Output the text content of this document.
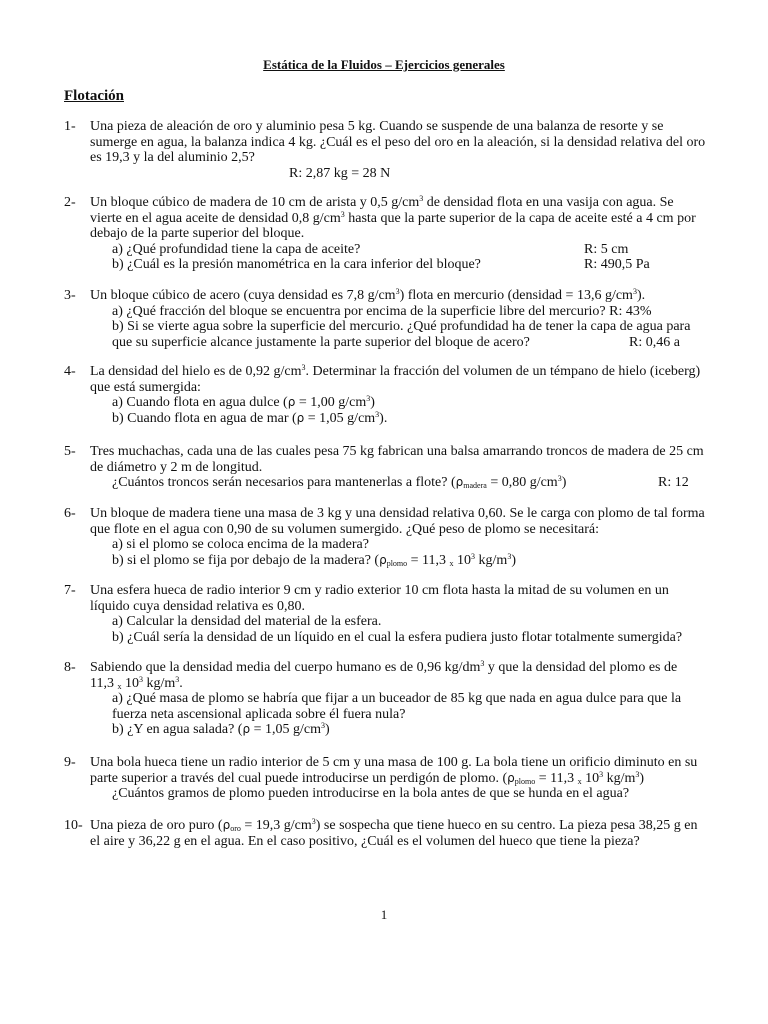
Estática de la Fluidos – Ejercicios generales
Flotación
1-	Una pieza de aleación de oro y aluminio pesa 5 kg. Cuando se suspende de una balanza de resorte y se
sumerge en agua, la balanza indica 4 kg. ¿Cuál es el peso del oro en la aleación, si la densidad relativa del oro
es 19,3 y la del aluminio 2,5?
R: 2,87 kg = 28 N
2-	Un bloque cúbico de madera de 10 cm de arista y 0,5 $g/cm^3$ de densidad flota en una vasija con agua. Se
vierte en el agua aceite de densidad 0,8 $g/cm^3$ hasta que la parte superior de la capa de aceite esté a 4 cm por
debajo de la parte superior del bloque.
a) ¿Qué profundidad tiene la capa de aceite?	R: 5 cm
b) ¿Cuál es la presión manométrica en la cara inferior del bloque?	R: 490,5 Pa
3-	Un bloque cúbico de acero (cuya densidad es 7,8 $g/cm^3$) flota en mercurio (densidad = 13,6 $g/cm^3$).
a) ¿Qué fracción del bloque se encuentra por encima de la superficie libre del mercurio? R: 43%
b) Si se vierte agua sobre la superficie del mercurio. ¿Qué profundidad ha de tener la capa de agua para
que su superficie alcance justamente la parte superior del bloque de acero?	R: 0,46 a
4-	La densidad del hielo es de 0,92 $g/cm^3$. Determinar la fracción del volumen de un témpano de hielo (iceberg)
que está sumergida:
a) Cuando flota en agua dulce (ρ = 1,00 $g/cm^3$)
b) Cuando flota en agua de mar (ρ = 1,05 $g/cm^3$).
5-	Tres muchachas, cada una de las cuales pesa 75 kg fabrican una balsa amarrando troncos de madera de 25 cm
de diámetro y 2 m de longitud.
¿Cuántos troncos serán necesarios para mantenerlas a flote? ($\rho_{madera} = 0,80$ $g/cm^3$)	R: 12
6-	Un bloque de madera tiene una masa de 3 kg y una densidad relativa 0,60. Se le carga con plomo de tal forma
que flote en el agua con 0,90 de su volumen sumergido. ¿Qué peso de plomo se necesitará:
a) si el plomo se coloca encima de la madera?
b) si el plomo se fija por debajo de la madera? ($\rho_{plomo} = 11,3$ $_x$ $10^3$ $kg/m^3$)
7-	Una esfera hueca de radio interior 9 cm y radio exterior 10 cm flota hasta la mitad de su volumen en un
líquido cuya densidad relativa es 0,80.
a) Calcular la densidad del material de la esfera.
b) ¿Cuál sería la densidad de un líquido en el cual la esfera pudiera justo flotar totalmente sumergida?
8-	Sabiendo que la densidad media del cuerpo humano es de 0,96 $kg/dm^3$ y que la densidad del plomo es de
11,3 $_x$ $10^3$ $kg/m^3$.
a) ¿Qué masa de plomo se habría que fijar a un buceador de 85 kg que nada en agua dulce para que la
fuerza neta ascensional aplicada sobre él fuera nula?
b) ¿Y en agua salada? (ρ = 1,05 $g/cm^3$)
9-	Una bola hueca tiene un radio interior de 5 cm y una masa de 100 g. La bola tiene un orificio diminuto en su
parte superior a través del cual puede introducirse un perdigón de plomo. ($\rho_{plomo} = 11,3$ $_x$ $10^3$ $kg/m^3$)
¿Cuántos gramos de plomo pueden introducirse en la bola antes de que se hunda en el agua?
10- Una pieza de oro puro ($\rho_{oro} = 19,3$ $g/cm^3$) se sospecha que tiene hueco en su centro. La pieza pesa 38,25 g en
el aire y 36,22 g en el agua. En el caso positivo, ¿Cuál es el volumen del hueco que tiene la pieza?
1
